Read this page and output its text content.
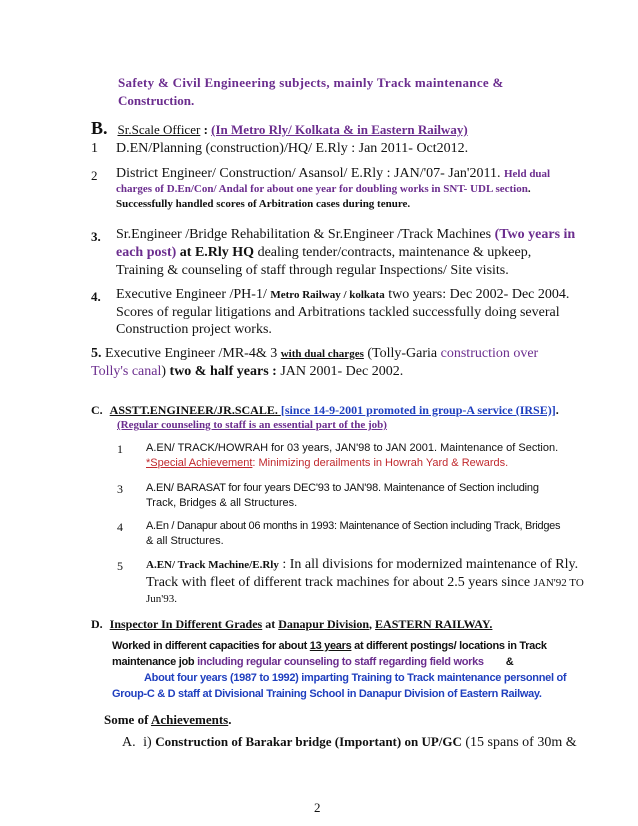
Safety & Civil Engineering subjects, mainly Track maintenance &
Construction.
B. Sr.Scale Officer : (In Metro Rly/ Kolkata & in Eastern Railway)
1 D.EN/Planning (construction)/HQ/ E.Rly : Jan 2011- Oct2012.
2 District Engineer/ Construction/ Asansol/ E.Rly : JAN/'07- Jan'2011. Held dual
charges of D.En/Con/ Andal for about one year for doubling works in SNT- UDL section.
Successfully handled scores of Arbitration cases during tenure.
3. Sr.Engineer /Bridge Rehabilitation & Sr.Engineer /Track Machines (Two years in
each post) at E.Rly HQ dealing tender/contracts, maintenance & upkeep,
Training & counseling of staff through regular Inspections/ Site visits.
4. Executive Engineer /PH-1/ Metro Railway / kolkata two years: Dec 2002- Dec 2004.
Scores of regular litigations and Arbitrations tackled successfully doing several
Construction project works.
5. Executive Engineer /MR-4& 3 with dual charges (Tolly-Garia construction over
Tolly's canal) two & half years : JAN 2001- Dec 2002.
C. ASSTT.ENGINEER/JR.SCALE. [since 14-9-2001 promoted in group-A service (IRSE)].
(Regular counseling to staff is an essential part of the job)
1 A.EN/ TRACK/HOWRAH for 03 years, JAN'98 to JAN 2001. Maintenance of Section.
*Special Achievement: Minimizing derailments in Howrah Yard & Rewards.
3 A.EN/ BARASAT for four years DEC'93 to JAN'98. Maintenance of Section including
Track, Bridges & all Structures.
4 A.En / Danapur about 06 months in 1993: Maintenance of Section including Track, Bridges
& all Structures.
5 A.EN/ Track Machine/E.Rly : In all divisions for modernized maintenance of Rly.
Track with fleet of different track machines for about 2.5 years since JAN'92 TO
Jun'93.
D. Inspector In Different Grades at Danapur Division, EASTERN RAILWAY.
Worked in different capacities for about 13 years at different postings/ locations in Track
maintenance job including regular counseling to staff regarding field works &
About four years (1987 to 1992) imparting Training to Track maintenance personnel of
Group-C & D staff at Divisional Training School in Danapur Division of Eastern Railway.
Some of Achievements.
A. i) Construction of Barakar bridge (Important) on UP/GC (15 spans of 30m &
2
